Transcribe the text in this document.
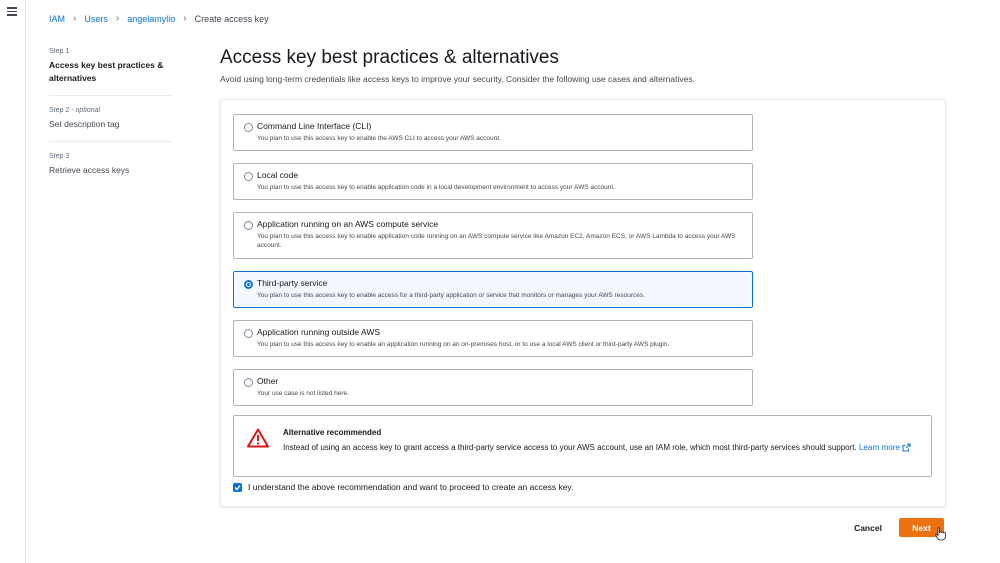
IAM › Users › angelamylio › Create access key
Step 1
Access key best practices & alternatives
Step 2 - optional
Set description tag
Step 3
Retrieve access keys
Access key best practices & alternatives
Avoid using long-term credentials like access keys to improve your security. Consider the following use cases and alternatives.
Command Line Interface (CLI)
You plan to use this access key to enable the AWS CLI to access your AWS account.
Local code
You plan to use this access key to enable application code in a local development environment to access your AWS account.
Application running on an AWS compute service
You plan to use this access key to enable application code running on an AWS compute service like Amazon EC2, Amazon ECS, or AWS Lambda to access your AWS account.
Third-party service
You plan to use this access key to enable access for a third-party application or service that monitors or manages your AWS resources.
Application running outside AWS
You plan to use this access key to enable an application running on an on-premises host, or to use a local AWS client or third-party AWS plugin.
Other
Your use case is not listed here.
Alternative recommended
Instead of using an access key to grant access a third-party service access to your AWS account, use an IAM role, which most third-party services should support. Learn more
I understand the above recommendation and want to proceed to create an access key.
Cancel	Next
